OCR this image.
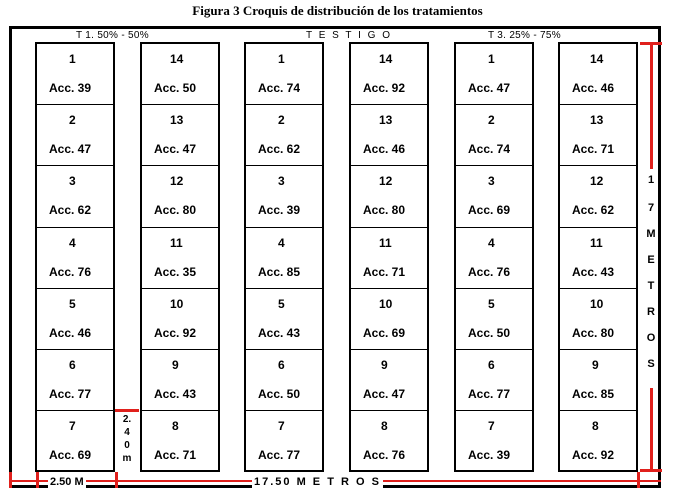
Figura 3 Croquis de distribución de los tratamientos
T 1. 50% - 50%	T E S T I G O	T 3. 25% - 75%
1
Acc. 39
2
Acc. 47
3
Acc. 62
4
Acc. 76
5
Acc. 46
6
Acc. 77
7
Acc. 69
14
Acc. 50
13
Acc. 47
12
Acc. 80
11
Acc. 35
10
Acc. 92
9
Acc. 43
8
Acc. 71
1
Acc. 74
2
Acc. 62
3
Acc. 39
4
Acc. 85
5
Acc. 43
6
Acc. 50
7
Acc. 77
14
Acc. 92
13
Acc. 46
12
Acc. 80
11
Acc. 71
10
Acc. 69
9
Acc. 47
8
Acc. 76
1
Acc. 47
2
Acc. 74
3
Acc. 69
4
Acc. 76
5
Acc. 50
6
Acc. 77
7
Acc. 39
14
Acc. 46
13
Acc. 71
12
Acc. 62
11
Acc. 43
10
Acc. 80
9
Acc. 85
8
Acc. 92
1
7
M
E
T
R
O
S
2.
4
0
m
2.50 M	17.50 M E T R O S
